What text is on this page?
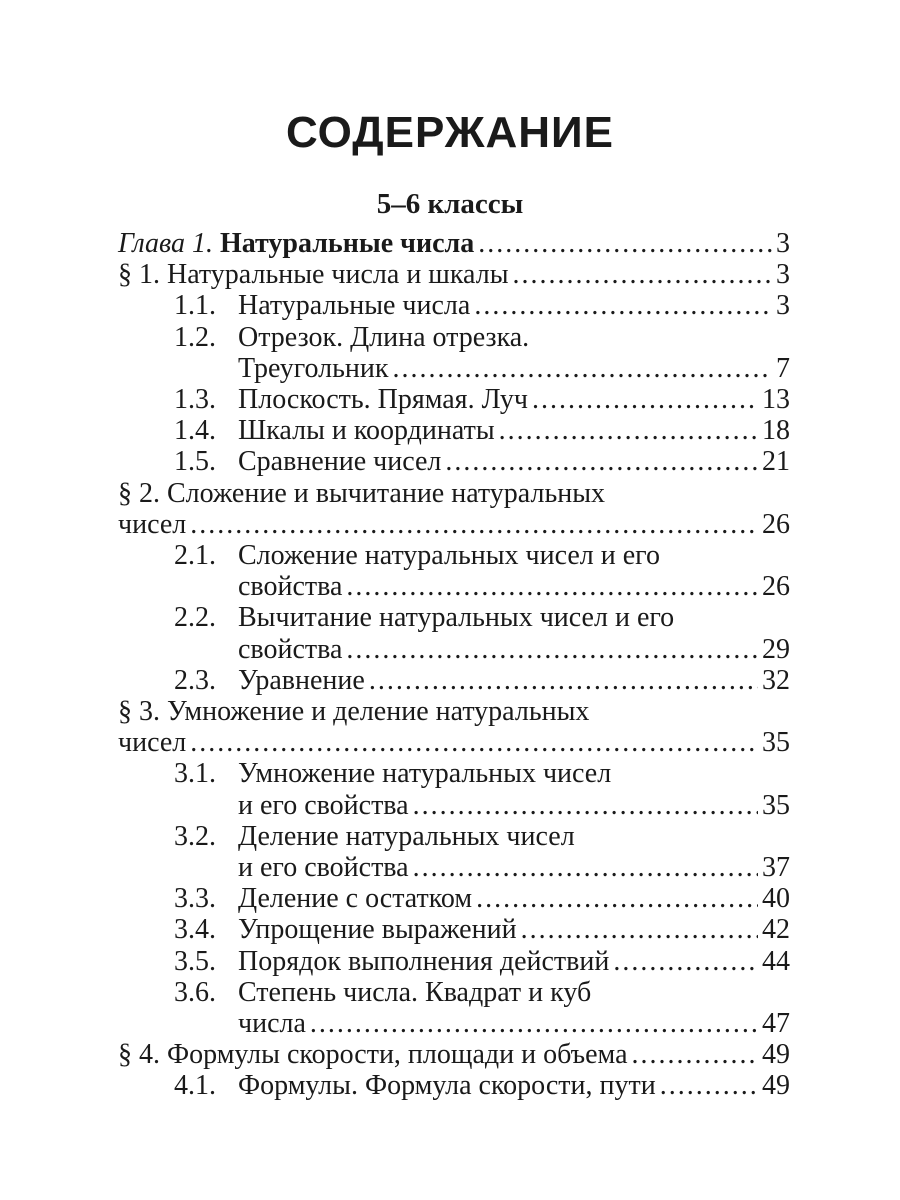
СОДЕРЖАНИЕ
5–6 классы
Глава 1. Натуральные числа .....	3
§ 1. Натуральные числа и шкалы .....	3
1.1. Натуральные числа .....	3
1.2. Отрезок. Длина отрезка.
Треугольник .....	7
1.3. Плоскость. Прямая. Луч .....	13
1.4. Шкалы и координаты .....	18
1.5. Сравнение чисел .....	21
§ 2. Сложение и вычитание натуральных
чисел .....	26
2.1. Сложение натуральных чисел и его
свойства .....	26
2.2. Вычитание натуральных чисел и его
свойства .....	29
2.3. Уравнение .....	32
§ 3. Умножение и деление натуральных
чисел .....	35
3.1. Умножение натуральных чисел
и его свойства .....	35
3.2. Деление натуральных чисел
и его свойства .....	37
3.3. Деление с остатком .....	40
3.4. Упрощение выражений .....	42
3.5. Порядок выполнения действий .....	44
3.6. Степень числа. Квадрат и куб
числа .....	47
§ 4. Формулы скорости, площади и объема .....	49
4.1. Формулы. Формула скорости, пути .....	49
